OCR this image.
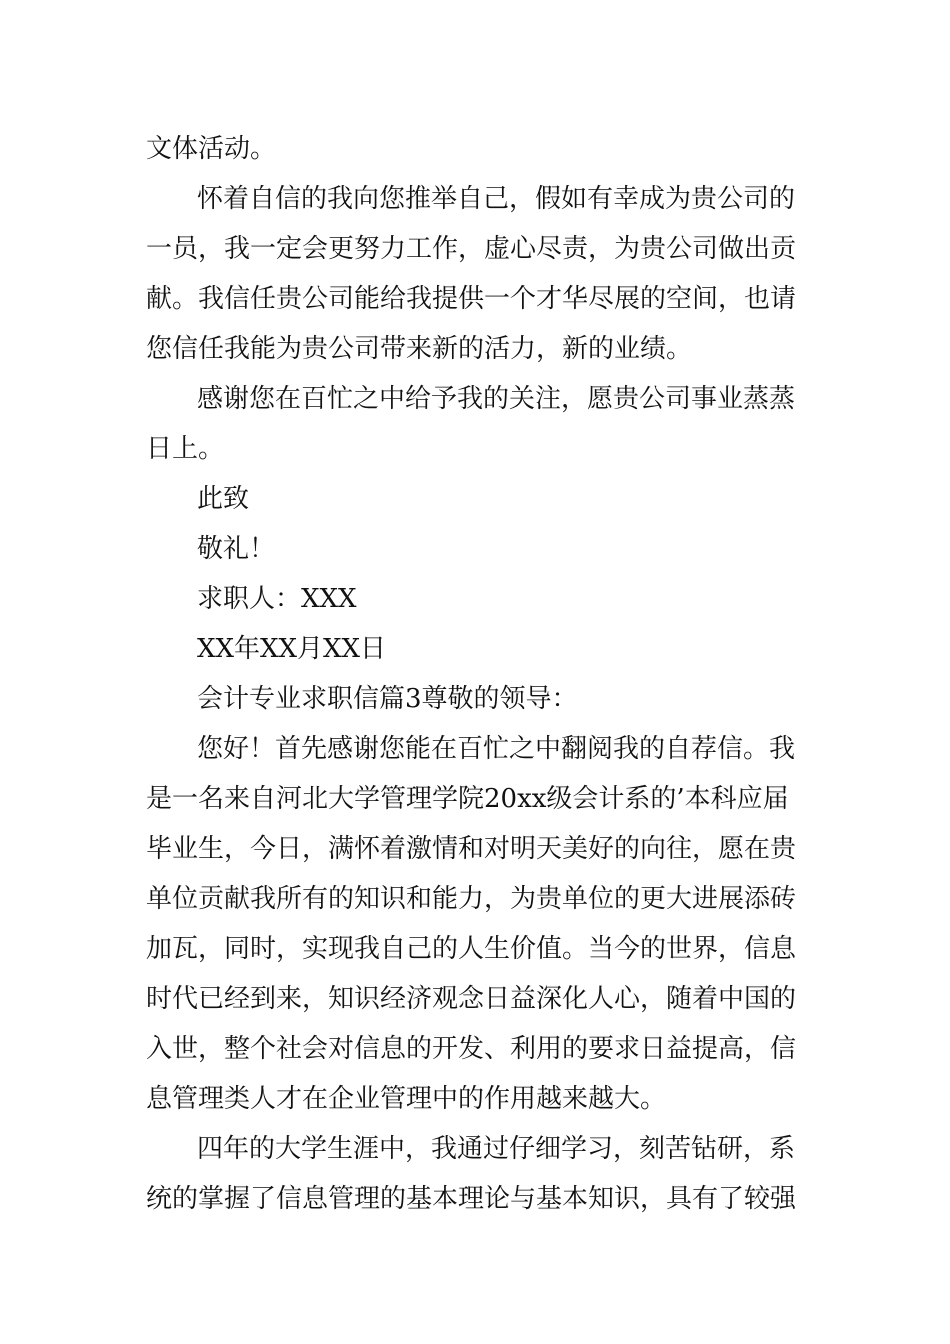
文体活动。
怀着自信的我向您推举自己，假如有幸成为贵公司的
一员，我一定会更努力工作，虚心尽责，为贵公司做出贡
献。我信任贵公司能给我提供一个才华尽展的空间，也请
您信任我能为贵公司带来新的活力，新的业绩。
感谢您在百忙之中给予我的关注，愿贵公司事业蒸蒸
日上。
此致
敬礼！
求职人：XXX
XX年XX月XX日
会计专业求职信篇3尊敬的领导：
您好！首先感谢您能在百忙之中翻阅我的自荐信。我
是一名来自河北大学管理学院20xx级会计系的’本科应届
毕业生，今日，满怀着激情和对明天美好的向往，愿在贵
单位贡献我所有的知识和能力，为贵单位的更大进展添砖
加瓦，同时，实现我自己的人生价值。当今的世界，信息
时代已经到来，知识经济观念日益深化人心，随着中国的
入世，整个社会对信息的开发、利用的要求日益提高，信
息管理类人才在企业管理中的作用越来越大。
四年的大学生涯中，我通过仔细学习，刻苦钻研，系
统的掌握了信息管理的基本理论与基本知识，具有了较强
